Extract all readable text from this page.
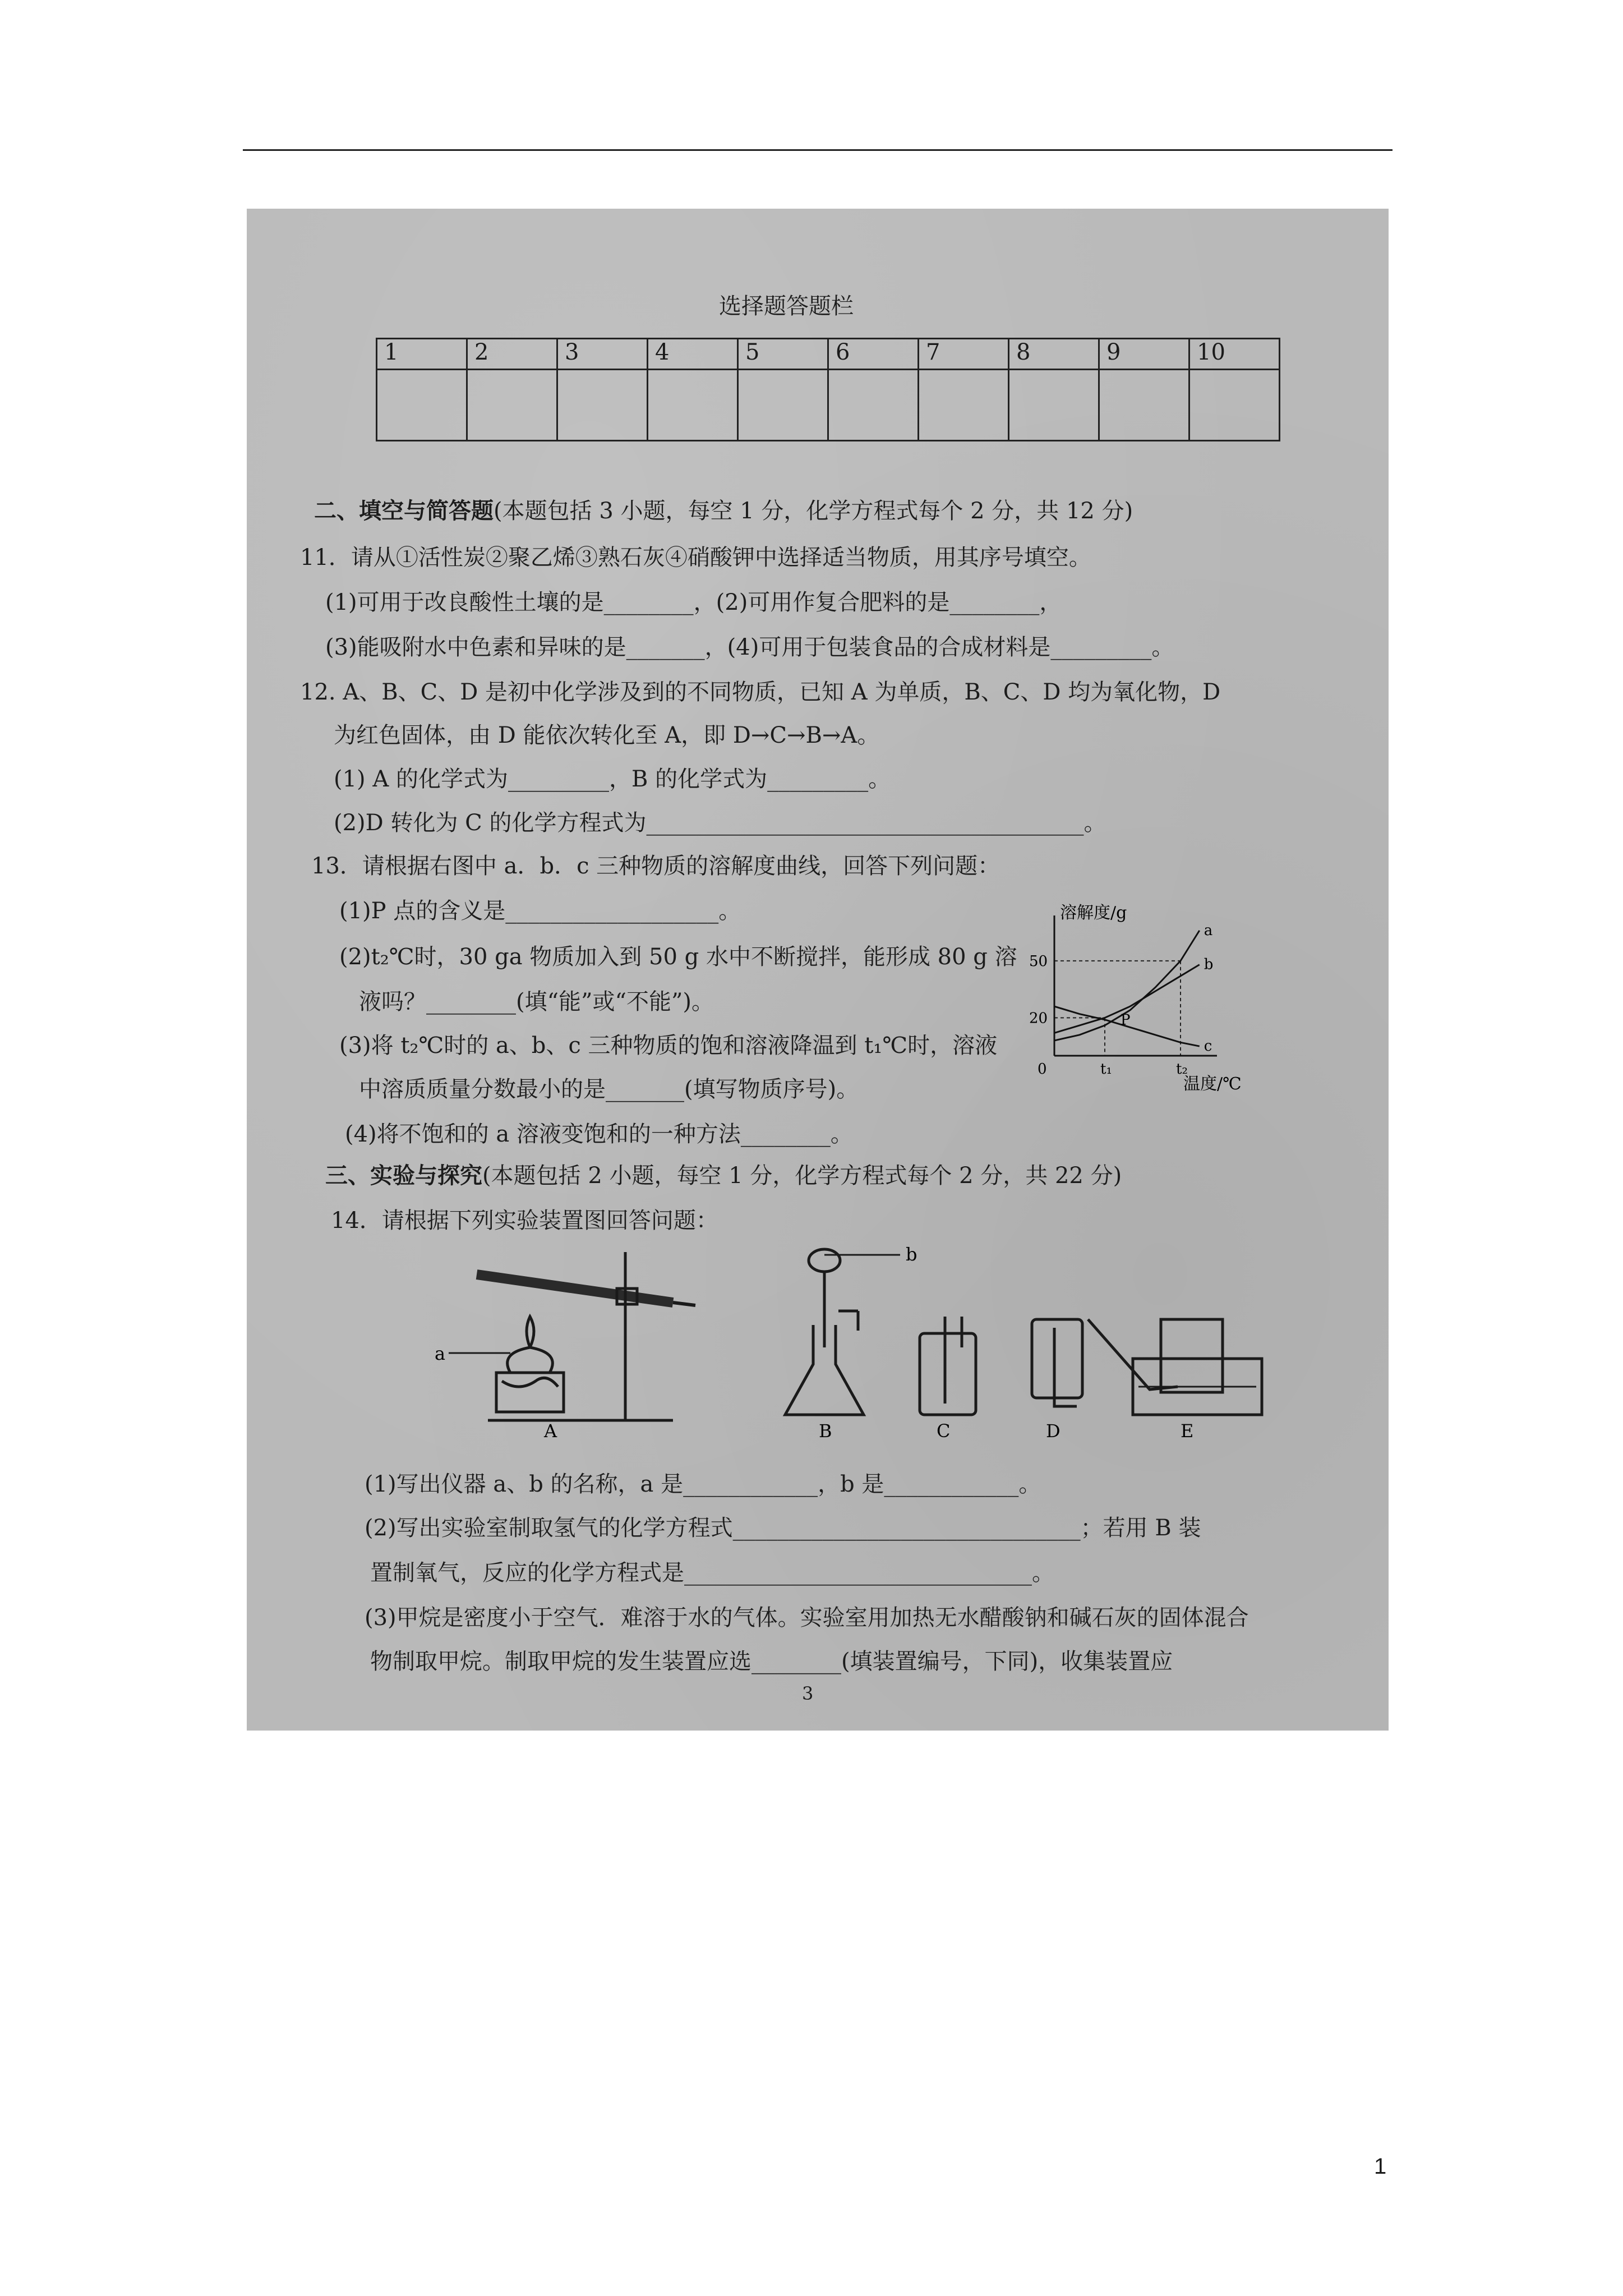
选择题答题栏
1	2	3	4	5	6	7	8	9	10

二、填空与简答题(本题包括 3 小题，每空 1 分，化学方程式每个 2 分，共 12 分)
11．请从①活性炭②聚乙烯③熟石灰④硝酸钾中选择适当物质，用其序号填空。
(1)可用于改良酸性土壤的是________，(2)可用作复合肥料的是________，
(3)能吸附水中色素和异味的是_______，(4)可用于包装食品的合成材料是_________。
12. A、B、C、D 是初中化学涉及到的不同物质，已知 A 为单质，B、C、D 均为氧化物，D
为红色固体，由 D 能依次转化至 A，即 D→C→B→A。
(1) A 的化学式为_________，B 的化学式为_________。
(2)D 转化为 C 的化学方程式为_______________________________________。
13．请根据右图中 a．b．c 三种物质的溶解度曲线，回答下列问题：
(1)P 点的含义是___________________。
(2)t₂℃时，30 ga 物质加入到 50 g 水中不断搅拌，能形成 80 g 溶
液吗？________(填“能”或“不能”)。
(3)将 t₂℃时的 a、b、c 三种物质的饱和溶液降温到 t₁℃时，溶液
中溶质质量分数最小的是_______(填写物质序号)。
(4)将不饱和的 a 溶液变饱和的一种方法________。
a
b
c
溶解度/g
温度/℃
20
50
0	t₁	t₂
P
三、实验与探究(本题包括 2 小题，每空 1 分，化学方程式每个 2 分，共 22 分)
14．请根据下列实验装置图回答问题：
a
b
A	B	C	D	E
(1)写出仪器 a、b 的名称，a 是____________，b 是____________。
(2)写出实验室制取氢气的化学方程式_______________________________；若用 B 装
置制氧气，反应的化学方程式是_______________________________。
(3)甲烷是密度小于空气．难溶于水的气体。实验室用加热无水醋酸钠和碱石灰的固体混合
物制取甲烷。制取甲烷的发生装置应选________(填装置编号，下同)，收集装置应
3
1
